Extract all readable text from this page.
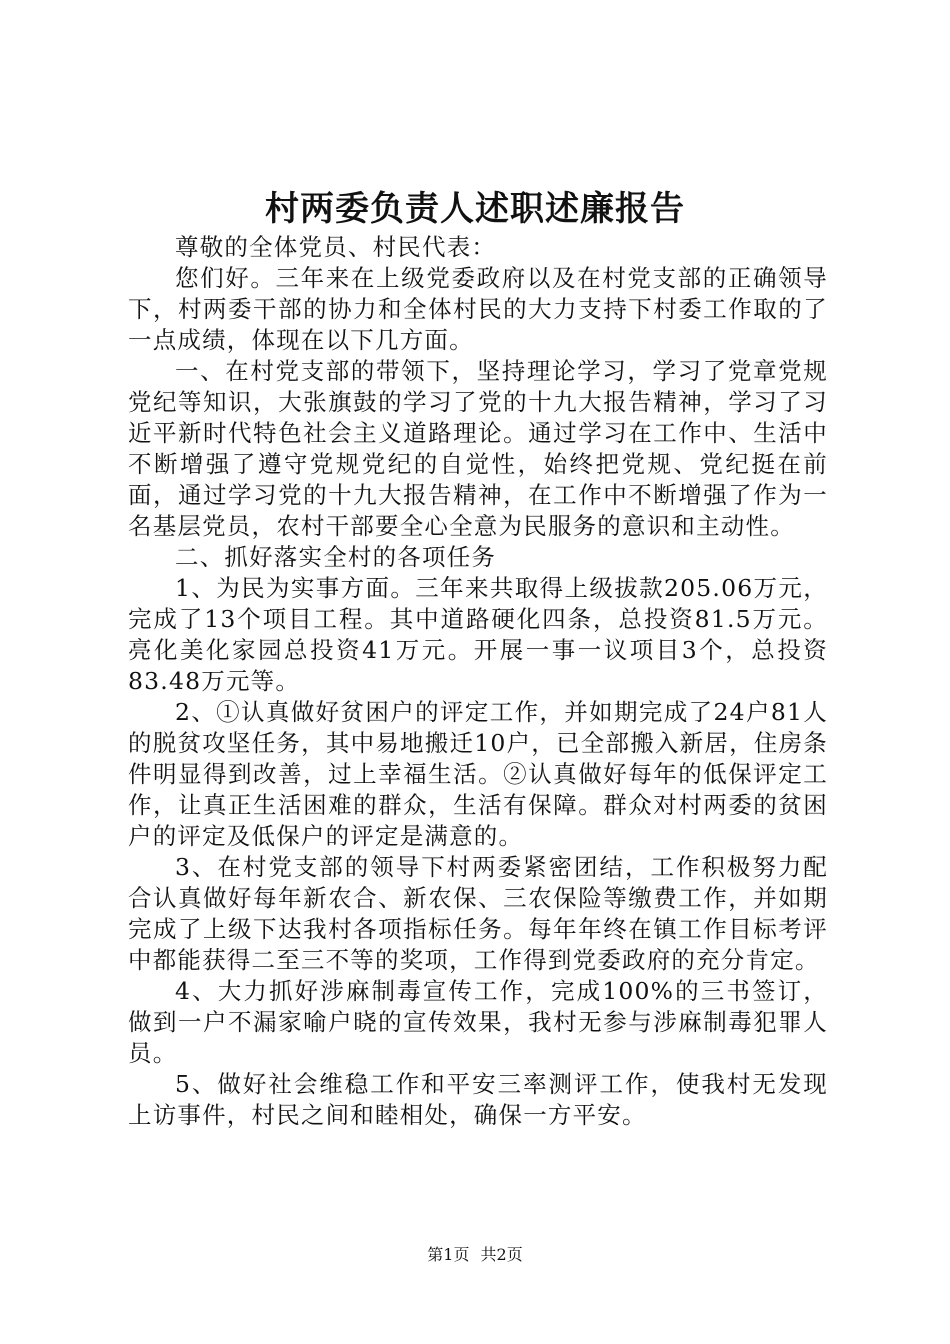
村两委负责人述职述廉报告

尊敬的全体党员、村民代表：

您们好。三年来在上级党委政府以及在村党支部的正确领导下，村两委干部的协力和全体村民的大力支持下村委工作取的了一点成绩，体现在以下几方面。

一、在村党支部的带领下，坚持理论学习，学习了党章党规党纪等知识，大张旗鼓的学习了党的十九大报告精神，学习了习近平新时代特色社会主义道路理论。通过学习在工作中、生活中不断增强了遵守党规党纪的自觉性，始终把党规、党纪挺在前面，通过学习党的十九大报告精神，在工作中不断增强了作为一名基层党员，农村干部要全心全意为民服务的意识和主动性。

二、抓好落实全村的各项任务

1、为民为实事方面。三年来共取得上级拔款205.06万元，完成了13个项目工程。其中道路硬化四条，总投资81.5万元。亮化美化家园总投资41万元。开展一事一议项目3个，总投资83.48万元等。

2、①认真做好贫困户的评定工作，并如期完成了24户81人的脱贫攻坚任务，其中易地搬迁10户，已全部搬入新居，住房条件明显得到改善，过上幸福生活。②认真做好每年的低保评定工作，让真正生活困难的群众，生活有保障。群众对村两委的贫困户的评定及低保户的评定是满意的。

3、在村党支部的领导下村两委紧密团结，工作积极努力配合认真做好每年新农合、新农保、三农保险等缴费工作，并如期完成了上级下达我村各项指标任务。每年年终在镇工作目标考评中都能获得二至三不等的奖项，工作得到党委政府的充分肯定。

4、大力抓好涉麻制毒宣传工作，完成100%的三书签订，做到一户不漏家喻户晓的宣传效果，我村无参与涉麻制毒犯罪人员。

5、做好社会维稳工作和平安三率测评工作，使我村无发现上访事件，村民之间和睦相处，确保一方平安。

第1页 共2页
